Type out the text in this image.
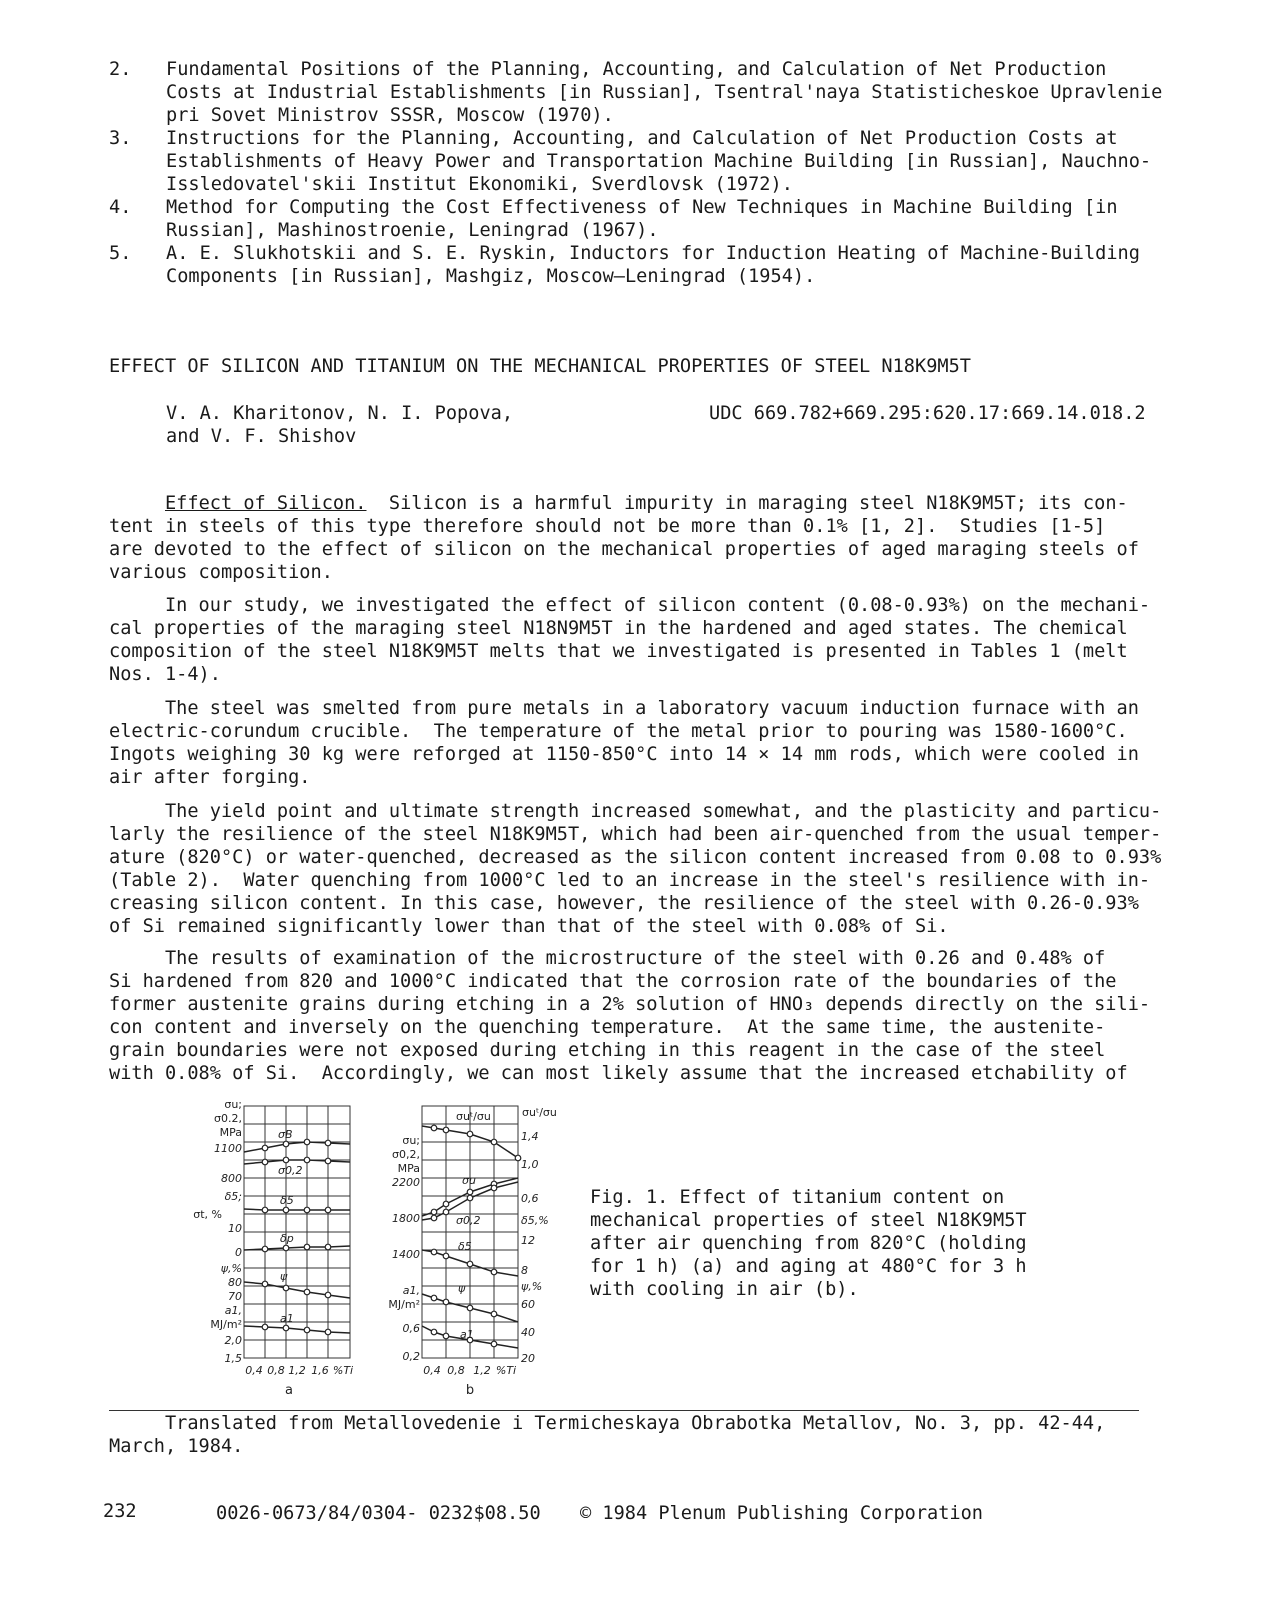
2. Fundamental Positions of the Planning, Accounting, and Calculation of Net Production
Costs at Industrial Establishments [in Russian], Tsentral'naya Statisticheskoe Upravlenie
pri Sovet Ministrov SSSR, Moscow (1970).
3. Instructions for the Planning, Accounting, and Calculation of Net Production Costs at
Establishments of Heavy Power and Transportation Machine Building [in Russian], Nauchno-
Issledovatel'skii Institut Ekonomiki, Sverdlovsk (1972).
4. Method for Computing the Cost Effectiveness of New Techniques in Machine Building [in
Russian], Mashinostroenie, Leningrad (1967).
5. A. E. Slukhotskii and S. E. Ryskin, Inductors for Induction Heating of Machine-Building
Components [in Russian], Mashgiz, Moscow—Leningrad (1954).
EFFECT OF SILICON AND TITANIUM ON THE MECHANICAL PROPERTIES OF STEEL N18K9M5T
V. A. Kharitonov, N. I. Popova,
and V. F. Shishov
UDC 669.782+669.295:620.17:669.14.018.2
Effect of Silicon.  Silicon is a harmful impurity in maraging steel N18K9M5T; its con-
tent in steels of this type therefore should not be more than 0.1% [1, 2].  Studies [1-5]
are devoted to the effect of silicon on the mechanical properties of aged maraging steels of
various composition.
In our study, we investigated the effect of silicon content (0.08-0.93%) on the mechani-
cal properties of the maraging steel N18N9M5T in the hardened and aged states. The chemical
composition of the steel N18K9M5T melts that we investigated is presented in Tables 1 (melt
Nos. 1-4).
The steel was smelted from pure metals in a laboratory vacuum induction furnace with an
electric-corundum crucible.  The temperature of the metal prior to pouring was 1580-1600°C.
Ingots weighing 30 kg were reforged at 1150-850°C into 14 × 14 mm rods, which were cooled in
air after forging.
The yield point and ultimate strength increased somewhat, and the plasticity and particu-
larly the resilience of the steel N18K9M5T, which had been air-quenched from the usual temper-
ature (820°C) or water-quenched, decreased as the silicon content increased from 0.08 to 0.93%
(Table 2).  Water quenching from 1000°C led to an increase in the steel's resilience with in-
creasing silicon content. In this case, however, the resilience of the steel with 0.26-0.93%
of Si remained significantly lower than that of the steel with 0.08% of Si.
The results of examination of the microstructure of the steel with 0.26 and 0.48% of
Si hardened from 820 and 1000°C indicated that the corrosion rate of the boundaries of the
former austenite grains during etching in a 2% solution of HNO₃ depends directly on the sili-
con content and inversely on the quenching temperature.  At the same time, the austenite-
grain boundaries were not exposed during etching in this reagent in the case of the steel
with 0.08% of Si.  Accordingly, we can most likely assume that the increased etchability of
σB
σ0,2
δ5
δp
ψ
a1
σu;
σ0.2,
MPa
1100
800
δ5;
σt, %
10
0
ψ,%
80
70
a1,
MJ/m²
2,0
1,5
0,4 0,8 1,2 1,6 %Ti
a
σuᵗ/σu
σu
σ0,2
δ5
ψ
a1
σu;
σ0,2,
MPa
2200
1800
1400
a1,
MJ/m²
0,6
0,2
σuᵗ/σu
1,4
1,0
0,6
δ5,%
12
8
ψ,%
60
40
20
0,4 0,8 1,2 %Ti
b
Fig. 1. Effect of titanium content on
mechanical properties of steel N18K9M5T
after air quenching from 820°C (holding
for 1 h) (a) and aging at 480°C for 3 h
with cooling in air (b).
Translated from Metallovedenie i Termicheskaya Obrabotka Metallov, No. 3, pp. 42-44,
March, 1984.
232	0026-0673/84/0304- 0232$08.50 © 1984 Plenum Publishing Corporation
